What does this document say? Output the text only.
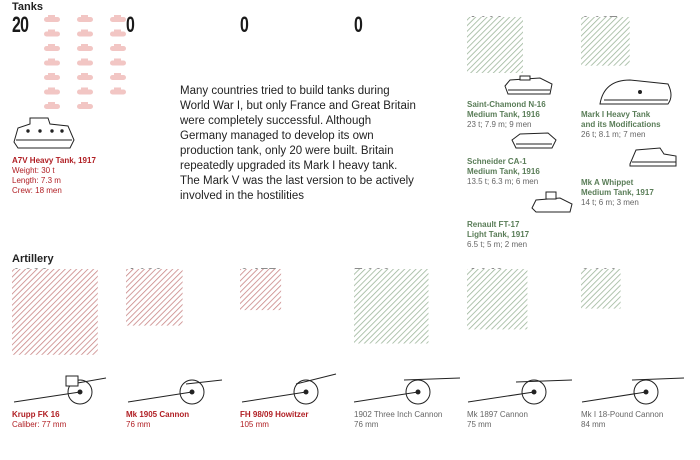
Tanks
Artillery
20	0	0	0
Many countries tried to build tanks during World War I, but only France and Great Britain were completely successful. Although Germany managed to develop its own production tank, only 20 were built. Britain repeatedly upgraded its Mark I heavy tank. The Mark V was the last version to be actively involved in the hostilities
A7V Heavy Tank, 1917
Weight: 30 t
Length: 7.3 m
Crew: 18 men
Saint-Chamond N-16
Medium Tank, 1916
23 t; 7.9 m; 9 men
Schneider CA-1
Medium Tank, 1916
13.5 t; 6.3 m; 6 men
Renault FT-17
Light Tank, 1917
6.5 t; 5 m; 2 men
Mark I Heavy Tank
and its Modifications
26 t; 8.1 m; 7 men
Mk A Whippet
Medium Tank, 1917
14 t; 6 m; 3 men
Krupp FK 16
Caliber: 77 mm
Mk 1905 Cannon
76 mm
FH 98/09 Howitzer
105 mm
1902 Three Inch Cannon
76 mm
Mk 1897 Cannon
75 mm
Mk I 18-Pound Cannon
84 mm
